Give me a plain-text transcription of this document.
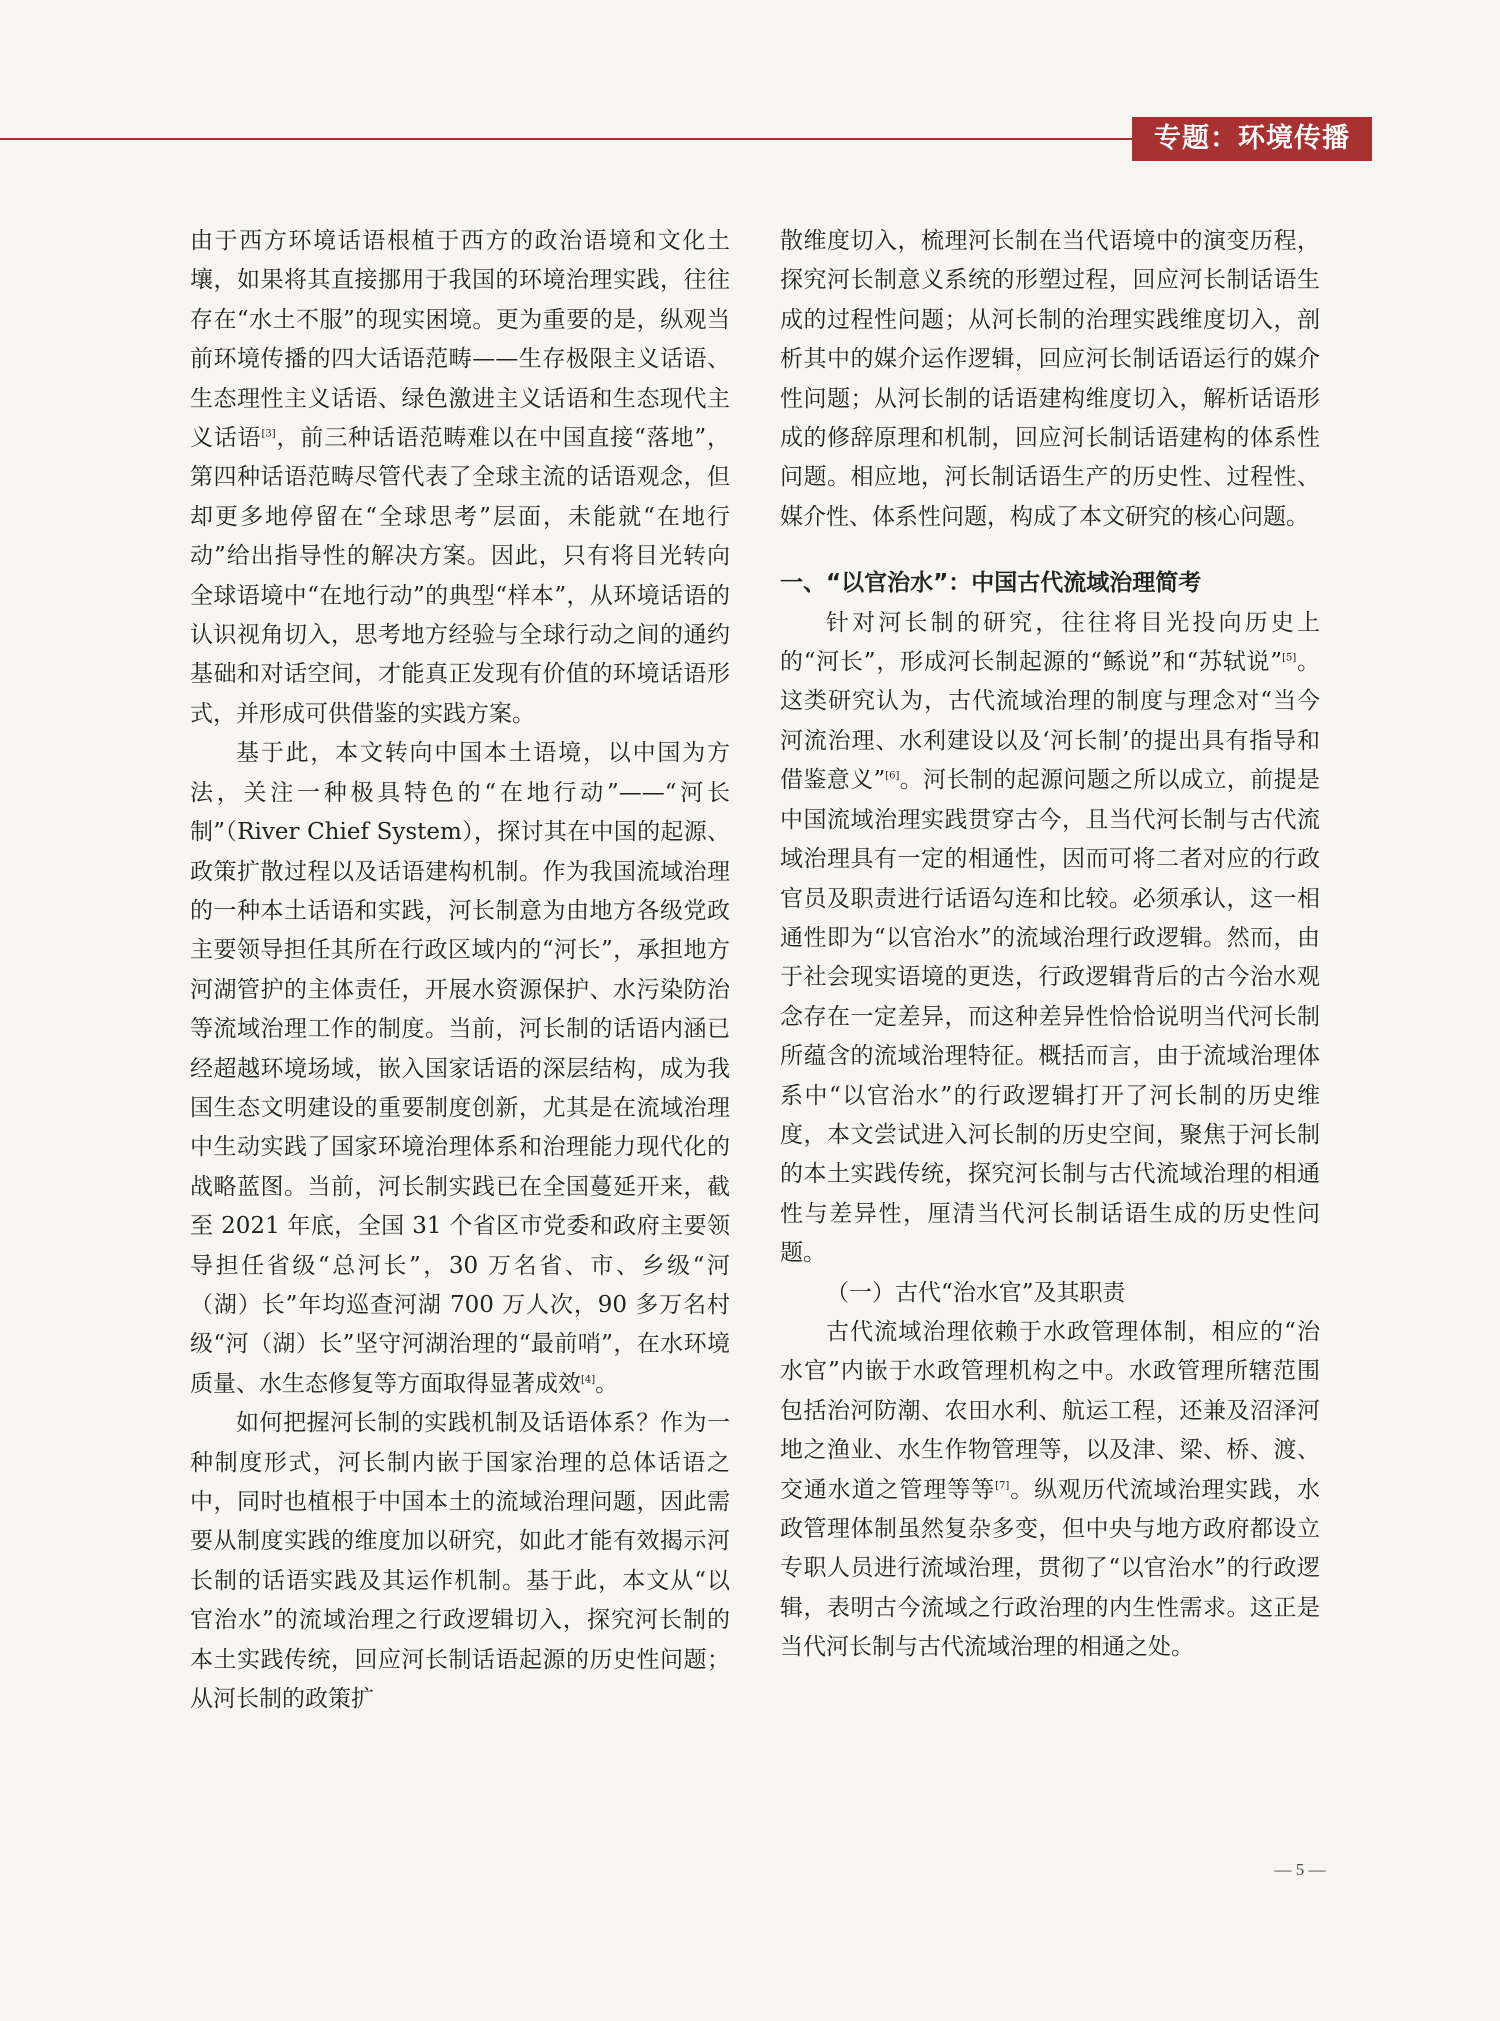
专题：环境传播

由于西方环境话语根植于西方的政治语境和文化土壤，如果将其直接挪用于我国的环境治理实践，往往存在“水土不服”的现实困境。更为重要的是，纵观当前环境传播的四大话语范畴——生存极限主义话语、生态理性主义话语、绿色激进主义话语和生态现代主义话语[3]，前三种话语范畴难以在中国直接“落地”，第四种话语范畴尽管代表了全球主流的话语观念，但却更多地停留在“全球思考”层面，未能就“在地行动”给出指导性的解决方案。因此，只有将目光转向全球语境中“在地行动”的典型“样本”，从环境话语的认识视角切入，思考地方经验与全球行动之间的通约基础和对话空间，才能真正发现有价值的环境话语形式，并形成可供借鉴的实践方案。

基于此，本文转向中国本土语境，以中国为方法，关注一种极具特色的“在地行动”——“河长制”（River Chief System），探讨其在中国的起源、政策扩散过程以及话语建构机制。作为我国流域治理的一种本土话语和实践，河长制意为由地方各级党政主要领导担任其所在行政区域内的“河长”，承担地方河湖管护的主体责任，开展水资源保护、水污染防治等流域治理工作的制度。当前，河长制的话语内涵已经超越环境场域，嵌入国家话语的深层结构，成为我国生态文明建设的重要制度创新，尤其是在流域治理中生动实践了国家环境治理体系和治理能力现代化的战略蓝图。当前，河长制实践已在全国蔓延开来，截至 2021 年底，全国 31 个省区市党委和政府主要领导担任省级“总河长”，30 万名省、市、乡级“河（湖）长”年均巡查河湖 700 万人次，90 多万名村级“河（湖）长”坚守河湖治理的“最前哨”，在水环境质量、水生态修复等方面取得显著成效[4]。

如何把握河长制的实践机制及话语体系？作为一种制度形式，河长制内嵌于国家治理的总体话语之中，同时也植根于中国本土的流域治理问题，因此需要从制度实践的维度加以研究，如此才能有效揭示河长制的话语实践及其运作机制。基于此，本文从“以官治水”的流域治理之行政逻辑切入，探究河长制的本土实践传统，回应河长制话语起源的历史性问题；从河长制的政策扩

散维度切入，梳理河长制在当代语境中的演变历程，探究河长制意义系统的形塑过程，回应河长制话语生成的过程性问题；从河长制的治理实践维度切入，剖析其中的媒介运作逻辑，回应河长制话语运行的媒介性问题；从河长制的话语建构维度切入，解析话语形成的修辞原理和机制，回应河长制话语建构的体系性问题。相应地，河长制话语生产的历史性、过程性、媒介性、体系性问题，构成了本文研究的核心问题。

一、“以官治水”：中国古代流域治理简考

针对河长制的研究，往往将目光投向历史上的“河长”，形成河长制起源的“鲧说”和“苏轼说”[5]。这类研究认为，古代流域治理的制度与理念对“当今河流治理、水利建设以及‘河长制’的提出具有指导和借鉴意义”[6]。河长制的起源问题之所以成立，前提是中国流域治理实践贯穿古今，且当代河长制与古代流域治理具有一定的相通性，因而可将二者对应的行政官员及职责进行话语勾连和比较。必须承认，这一相通性即为“以官治水”的流域治理行政逻辑。然而，由于社会现实语境的更迭，行政逻辑背后的古今治水观念存在一定差异，而这种差异性恰恰说明当代河长制所蕴含的流域治理特征。概括而言，由于流域治理体系中“以官治水”的行政逻辑打开了河长制的历史维度，本文尝试进入河长制的历史空间，聚焦于河长制的本土实践传统，探究河长制与古代流域治理的相通性与差异性，厘清当代河长制话语生成的历史性问题。

（一）古代“治水官”及其职责

古代流域治理依赖于水政管理体制，相应的“治水官”内嵌于水政管理机构之中。水政管理所辖范围包括治河防潮、农田水利、航运工程，还兼及沼泽河地之渔业、水生作物管理等，以及津、梁、桥、渡、交通水道之管理等等[7]。纵观历代流域治理实践，水政管理体制虽然复杂多变，但中央与地方政府都设立专职人员进行流域治理，贯彻了“以官治水”的行政逻辑，表明古今流域之行政治理的内生性需求。这正是当代河长制与古代流域治理的相通之处。

— 5 —
